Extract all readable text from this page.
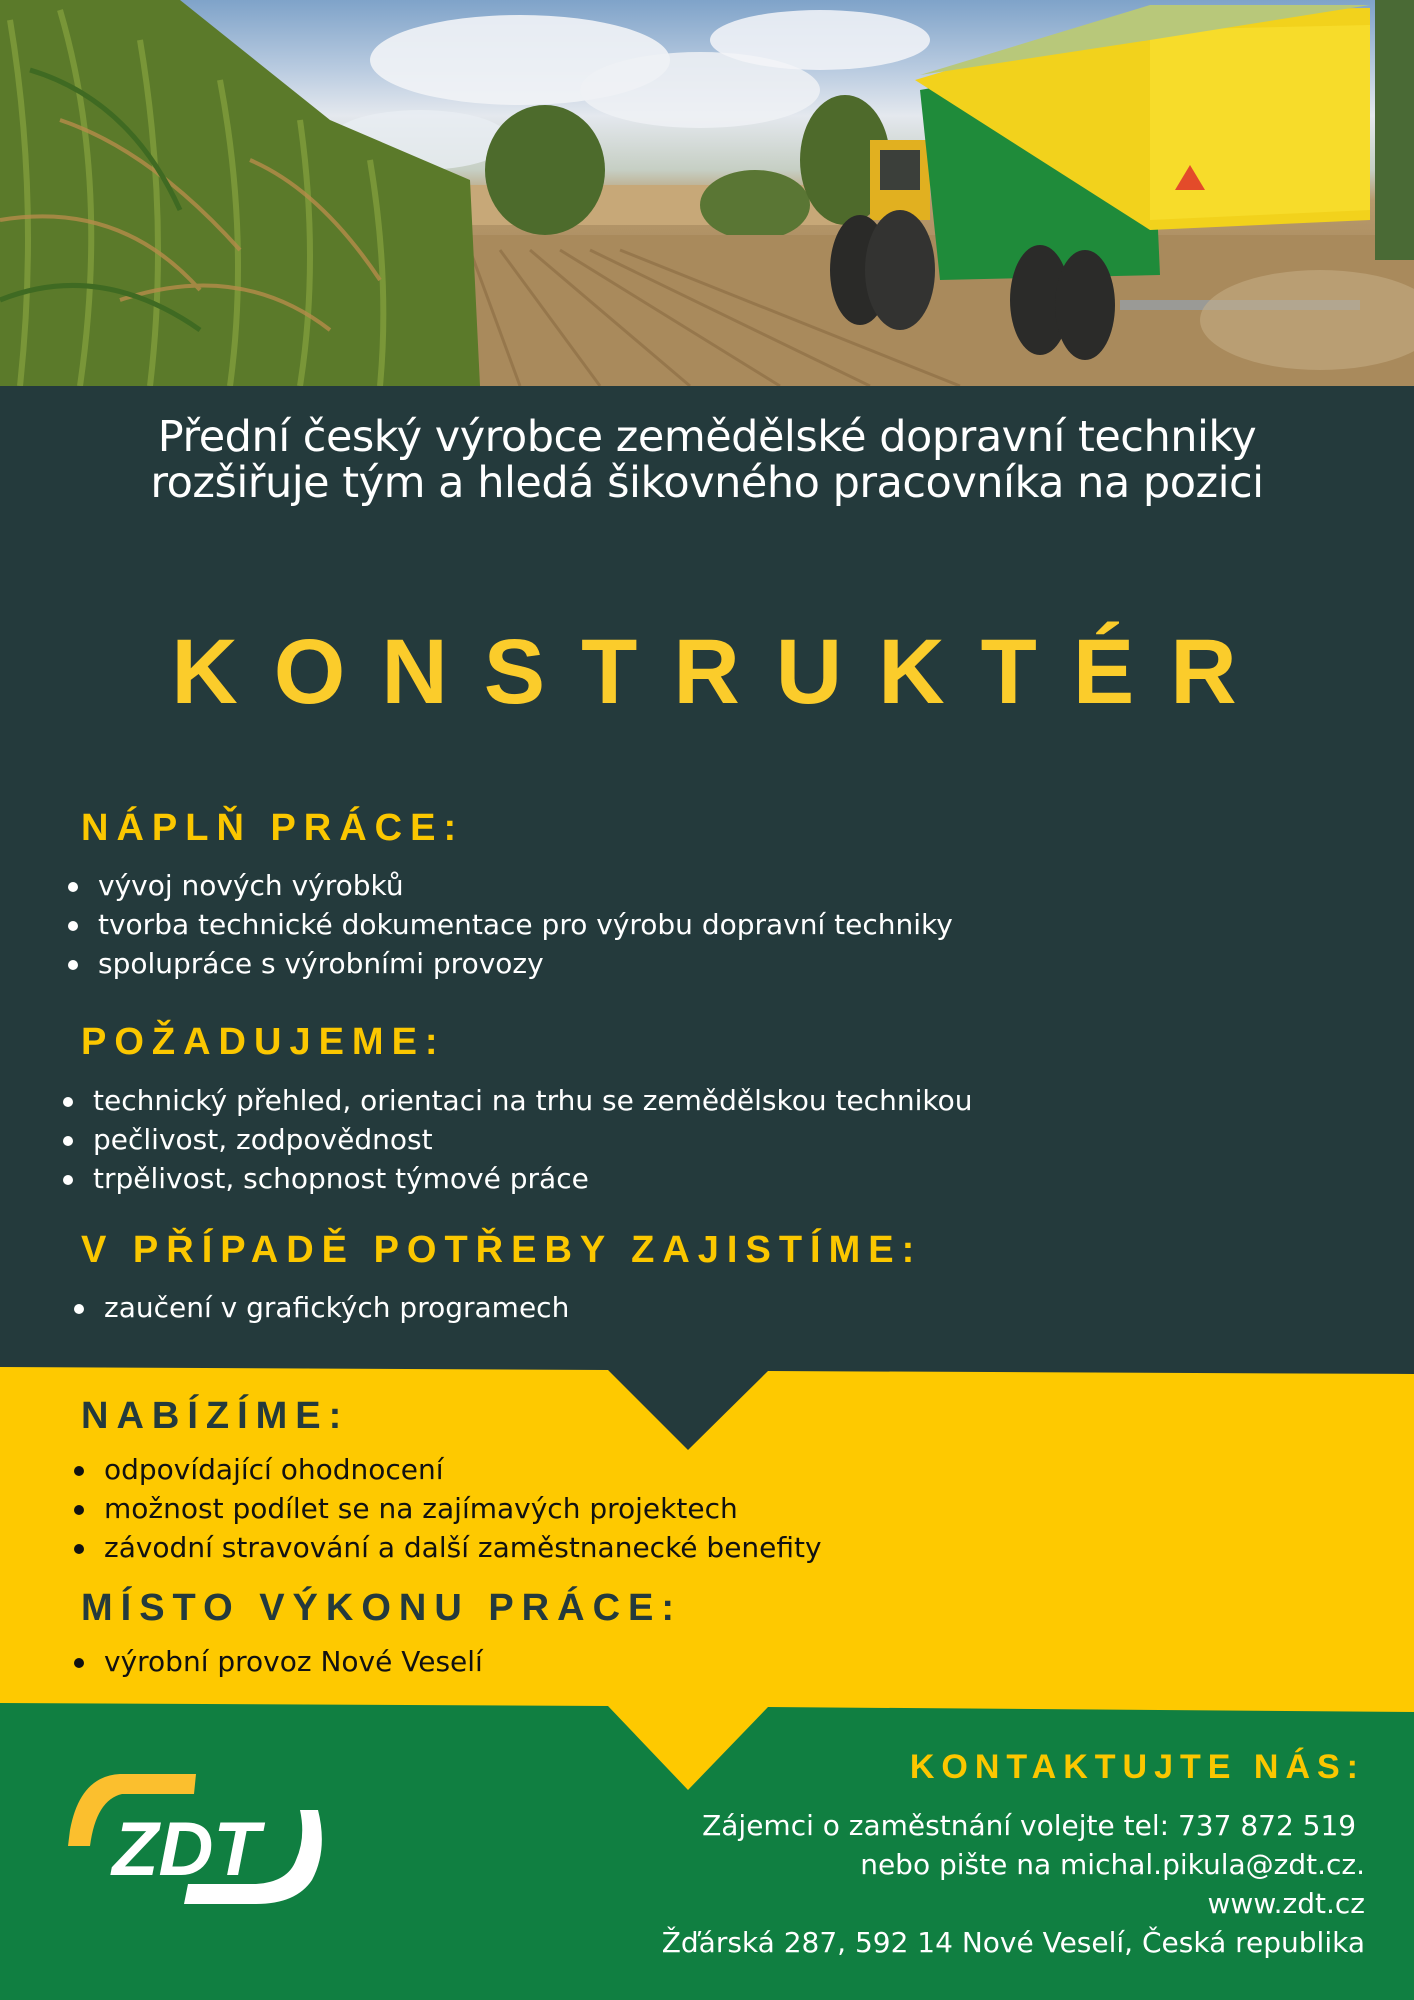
Přední český výrobce zemědělské dopravní techniky
rozšiřuje tým a hledá šikovného pracovníka na pozici
KONSTRUKTÉR
NÁPLŇ PRÁCE:
vývoj nových výrobků
tvorba technické dokumentace pro výrobu dopravní techniky
spolupráce s výrobními provozy
POŽADUJEME:
technický přehled, orientaci na trhu se zemědělskou technikou
pečlivost, zodpovědnost
trpělivost, schopnost týmové práce
V PŘÍPADĚ POTŘEBY ZAJISTÍME:
zaučení v grafických programech
NABÍZÍME:
odpovídající ohodnocení
možnost podílet se na zajímavých projektech
závodní stravování a další zaměstnanecké benefity
MÍSTO VÝKONU PRÁCE:
výrobní provoz Nové Veselí
ZDT
KONTAKTUJTE NÁS:
Zájemci o zaměstnání volejte tel: 737 872 519
nebo pište na michal.pikula@zdt.cz.
www.zdt.cz
Žďárská 287, 592 14 Nové Veselí, Česká republika
